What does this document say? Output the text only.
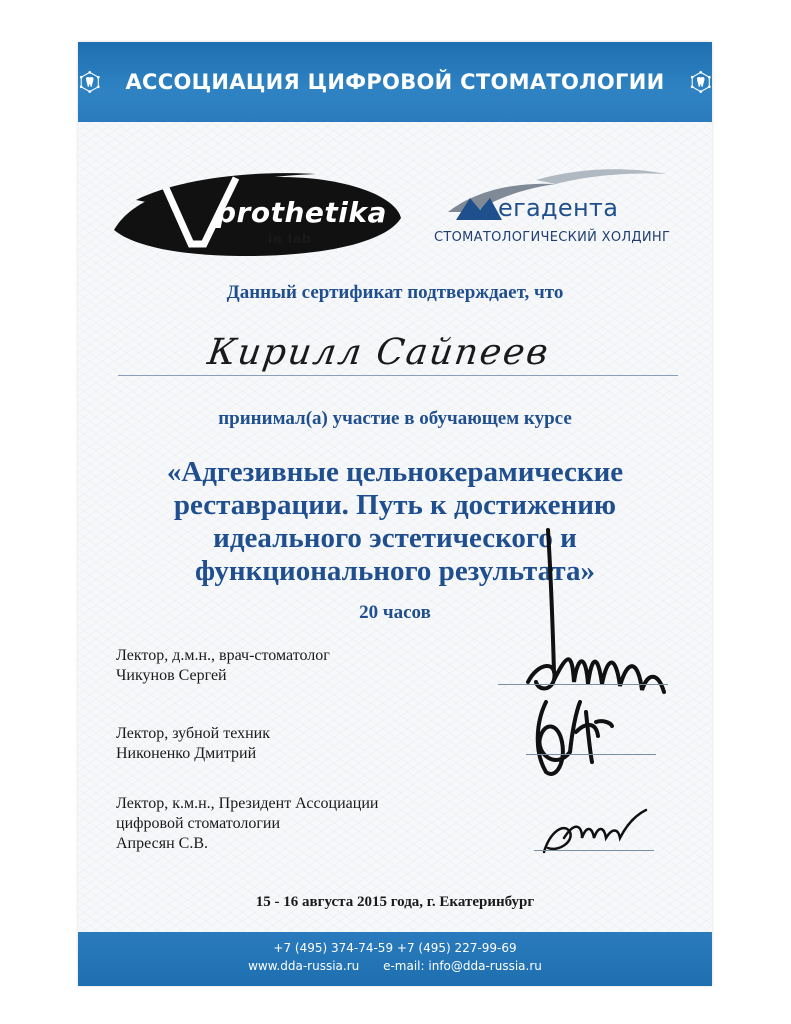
АССОЦИАЦИЯ ЦИФРОВОЙ СТОМАТОЛОГИИ
prothetika
in lab
егадента
СТОМАТОЛОГИЧЕСКИЙ ХОЛДИНГ
Данный сертификат подтверждает, что
Кирилл Сайпеев
принимал(а) участие в обучающем курсе
«Адгезивные цельнокерамические реставрации. Путь к достижению идеального эстетического и функционального результата»
20 часов
Лектор, д.м.н., врач-стоматолог
Чикунов Сергей
Лектор, зубной техник
Никоненко Дмитрий
Лектор, к.м.н., Президент Ассоциации
цифровой стоматологии
Апресян С.В.
15 - 16 августа 2015 года, г. Екатеринбург
+7 (495) 374-74-59 +7 (495) 227-99-69
www.dda-russia.ru e-mail: info@dda-russia.ru
